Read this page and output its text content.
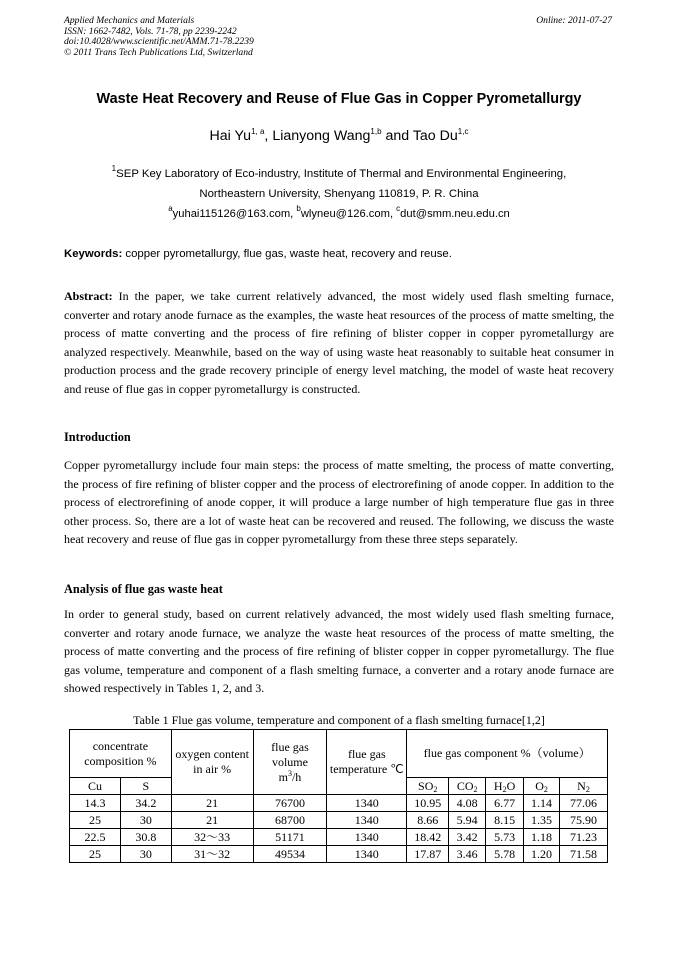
Applied Mechanics and Materials
ISSN: 1662-7482, Vols. 71-78, pp 2239-2242
doi:10.4028/www.scientific.net/AMM.71-78.2239
© 2011 Trans Tech Publications Ltd, Switzerland
Online: 2011-07-27
Waste Heat Recovery and Reuse of Flue Gas in Copper Pyrometallurgy
Hai Yu$^{1, a}$, Lianyong Wang$^{1,b}$ and Tao Du$^{1,c}$
$^1$SEP Key Laboratory of Eco-industry, Institute of Thermal and Environmental Engineering,
Northeastern University, Shenyang 110819, P. R. China
$^a$yuhai115126@163.com, $^b$wlyneu@126.com, $^c$dut@smm.neu.edu.cn
Keywords: copper pyrometallurgy, flue gas, waste heat, recovery and reuse.
Abstract: In the paper, we take current relatively advanced, the most widely used flash smelting furnace, converter and rotary anode furnace as the examples, the waste heat resources of the process of matte smelting, the process of matte converting and the process of fire refining of blister copper in copper pyrometallurgy are analyzed respectively. Meanwhile, based on the way of using waste heat reasonably to suitable heat consumer in production process and the grade recovery principle of energy level matching, the model of waste heat recovery and reuse of flue gas in copper pyrometallurgy is constructed.
Introduction
Copper pyrometallurgy include four main steps: the process of matte smelting, the process of matte converting, the process of fire refining of blister copper and the process of electrorefining of anode copper. In addition to the process of electrorefining of anode copper, it will produce a large number of high temperature flue gas in three other process. So, there are a lot of waste heat can be recovered and reused. The following, we discuss the waste heat recovery and reuse of flue gas in copper pyrometallurgy from these three steps separately.
Analysis of flue gas waste heat
In order to general study, based on current relatively advanced, the most widely used flash smelting furnace, converter and rotary anode furnace, we analyze the waste heat resources of the process of matte smelting, the process of matte converting and the process of fire refining of blister copper in copper pyrometallurgy. The flue gas volume, temperature and component of a flash smelting furnace, a converter and a rotary anode furnace are showed respectively in Tables 1, 2, and 3.
Table 1 Flue gas volume, temperature and component of a flash smelting furnace[1,2]
concentrate composition %		oxygen content in air %	flue gas volume
$m^3/h$	flue gas temperature ℃	flue gas component %（volume）				
Cu	S				$SO_2$	$CO_2$	$H_2O$	$O_2$	$N_2$
14.3	34.2	21	76700	1340	10.95	4.08	6.77	1.14	77.06
25	30	21	68700	1340	8.66	5.94	8.15	1.35	75.90
22.5	30.8	32～33	51171	1340	18.42	3.42	5.73	1.18	71.23
25	30	31～32	49534	1340	17.87	3.46	5.78	1.20	71.58
